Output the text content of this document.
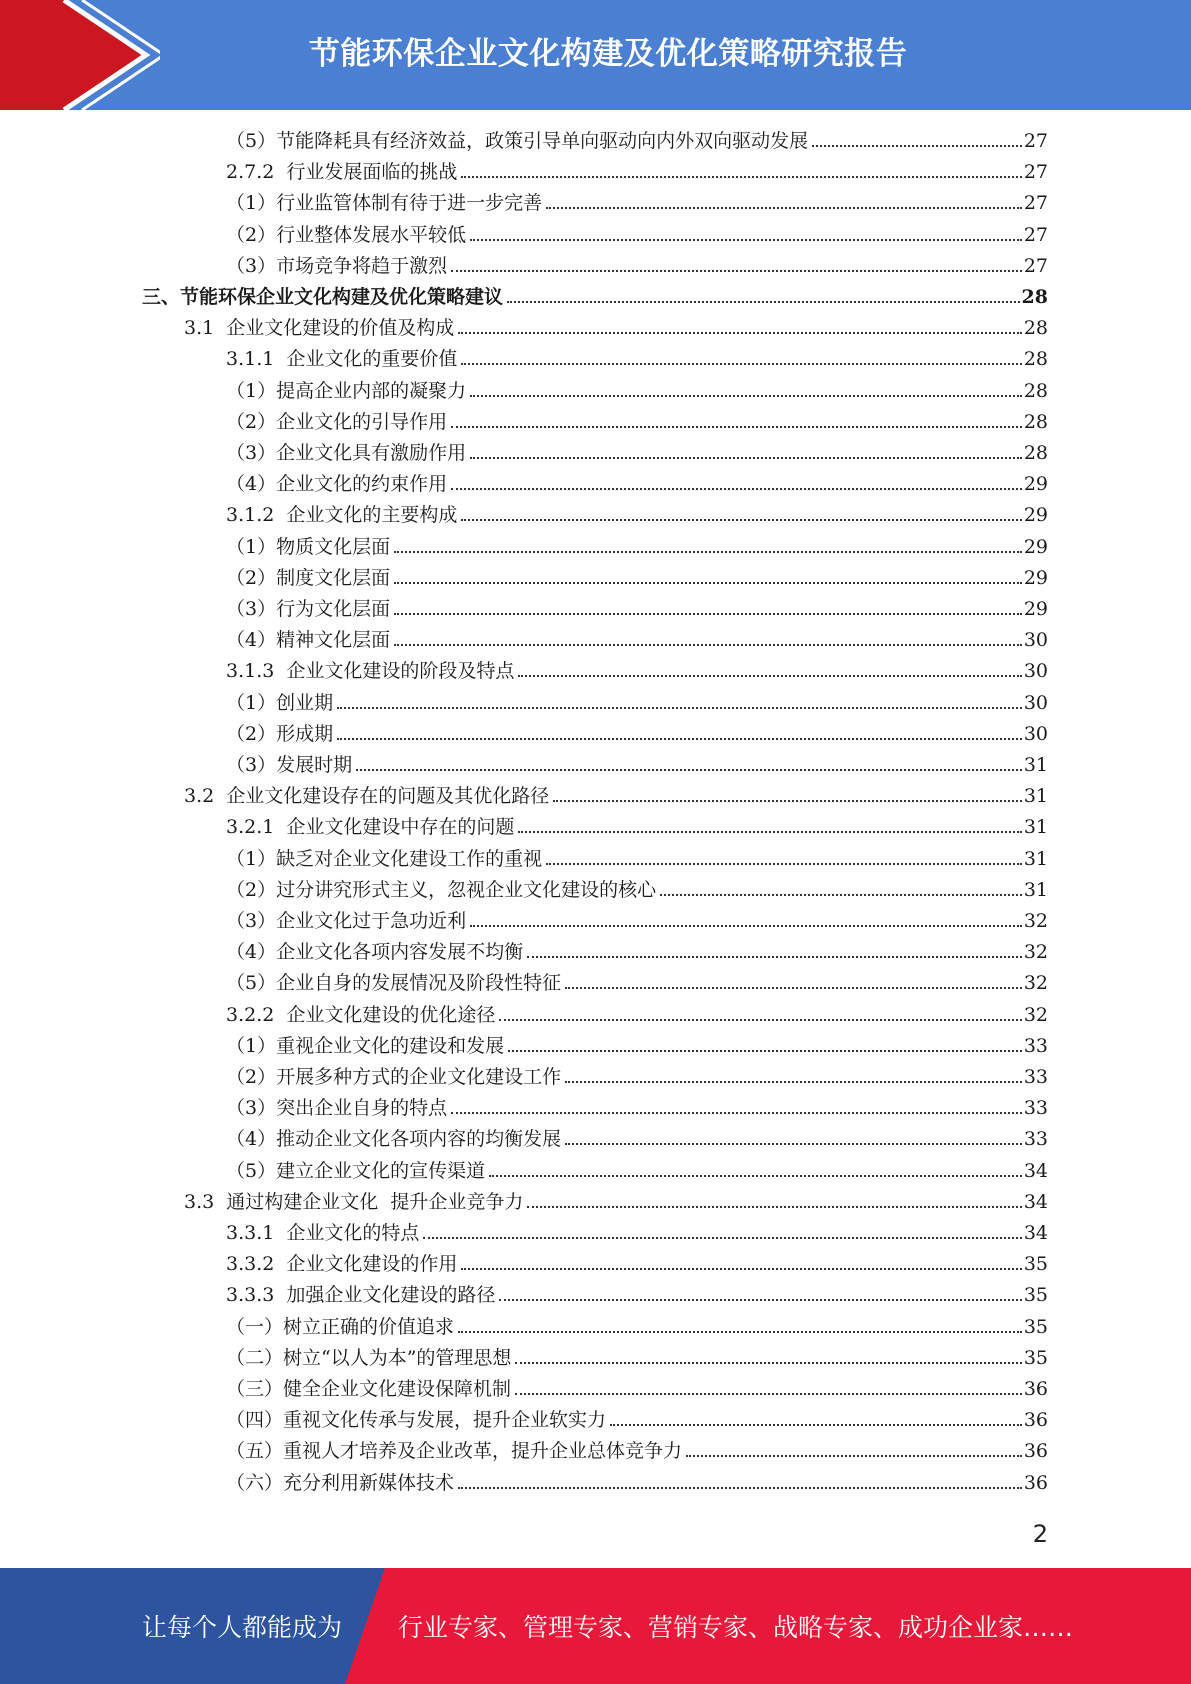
节能环保企业文化构建及优化策略研究报告
（5）节能降耗具有经济效益，政策引导单向驱动向内外双向驱动发展	27
2.7.2  行业发展面临的挑战	27
（1）行业监管体制有待于进一步完善	27
（2）行业整体发展水平较低	27
（3）市场竞争将趋于激烈	27
三、节能环保企业文化构建及优化策略建议	28
3.1  企业文化建设的价值及构成	28
3.1.1  企业文化的重要价值	28
（1）提高企业内部的凝聚力	28
（2）企业文化的引导作用	28
（3）企业文化具有激励作用	28
（4）企业文化的约束作用	29
3.1.2  企业文化的主要构成	29
（1）物质文化层面	29
（2）制度文化层面	29
（3）行为文化层面	29
（4）精神文化层面	30
3.1.3  企业文化建设的阶段及特点	30
（1）创业期	30
（2）形成期	30
（3）发展时期	31
3.2  企业文化建设存在的问题及其优化路径	31
3.2.1  企业文化建设中存在的问题	31
（1）缺乏对企业文化建设工作的重视	31
（2）过分讲究形式主义，忽视企业文化建设的核心	31
（3）企业文化过于急功近利	32
（4）企业文化各项内容发展不均衡	32
（5）企业自身的发展情况及阶段性特征	32
3.2.2  企业文化建设的优化途径	32
（1）重视企业文化的建设和发展	33
（2）开展多种方式的企业文化建设工作	33
（3）突出企业自身的特点	33
（4）推动企业文化各项内容的均衡发展	33
（5）建立企业文化的宣传渠道	34
3.3  通过构建企业文化  提升企业竞争力	34
3.3.1  企业文化的特点	34
3.3.2  企业文化建设的作用	35
3.3.3  加强企业文化建设的路径	35
（一）树立正确的价值追求	35
（二）树立“以人为本”的管理思想	35
（三）健全企业文化建设保障机制	36
（四）重视文化传承与发展，提升企业软实力	36
（五）重视人才培养及企业改革，提升企业总体竞争力	36
（六）充分利用新媒体技术	36
2
让每个人都能成为 行业专家、管理专家、营销专家、战略专家、成功企业家……
